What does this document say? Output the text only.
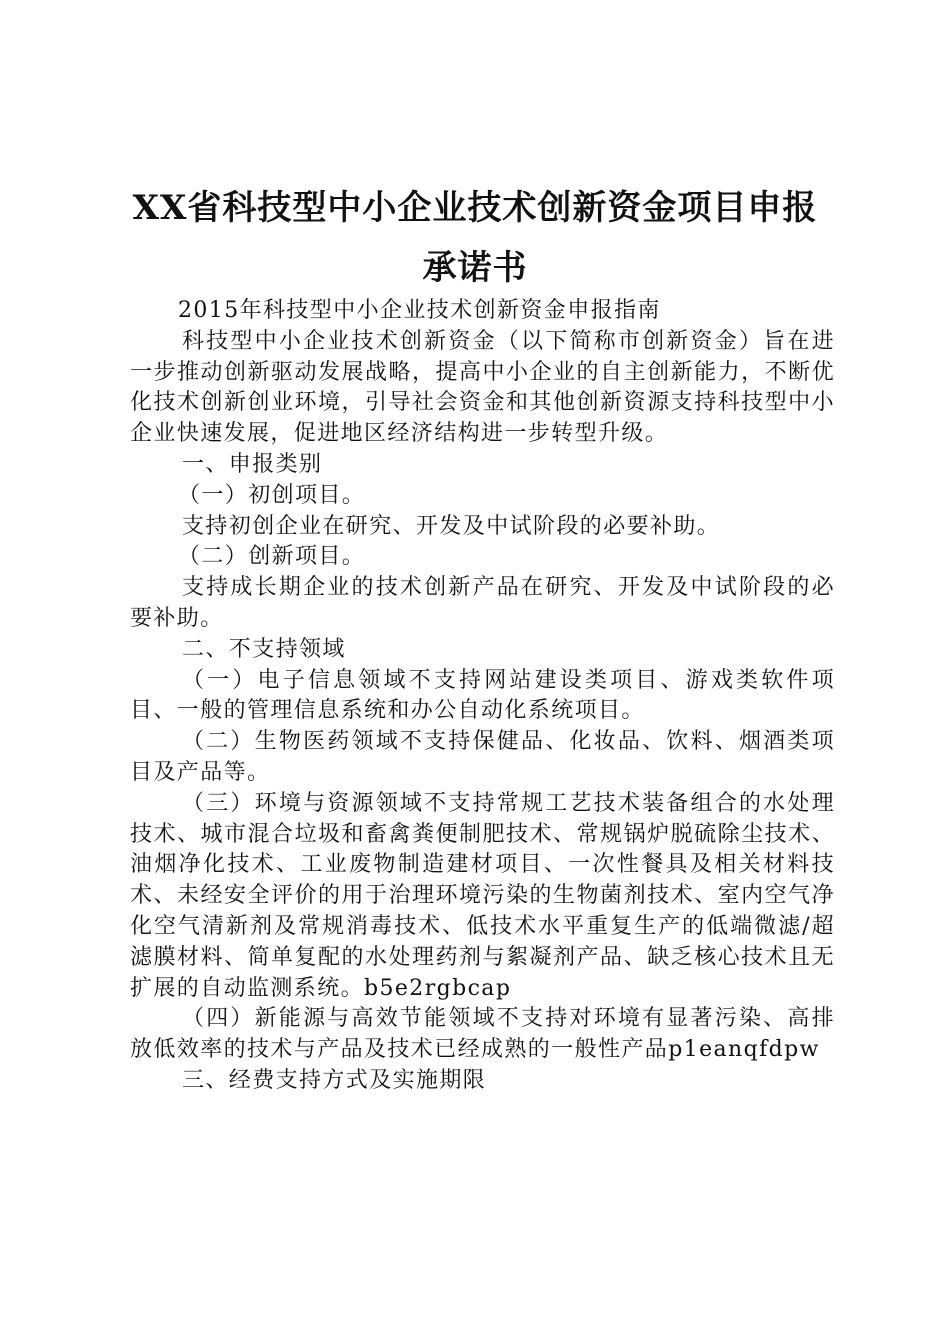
XX省科技型中小企业技术创新资金项目申报
承诺书

2015年科技型中小企业技术创新资金申报指南

科技型中小企业技术创新资金（以下简称市创新资金）旨在进一步推动创新驱动发展战略，提高中小企业的自主创新能力，不断优化技术创新创业环境，引导社会资金和其他创新资源支持科技型中小企业快速发展，促进地区经济结构进一步转型升级。

一、申报类别

（一）初创项目。

支持初创企业在研究、开发及中试阶段的必要补助。

（二）创新项目。

支持成长期企业的技术创新产品在研究、开发及中试阶段的必要补助。

二、不支持领域

（一）电子信息领域不支持网站建设类项目、游戏类软件项目、一般的管理信息系统和办公自动化系统项目。

（二）生物医药领域不支持保健品、化妆品、饮料、烟酒类项目及产品等。

（三）环境与资源领域不支持常规工艺技术装备组合的水处理技术、城市混合垃圾和畜禽粪便制肥技术、常规锅炉脱硫除尘技术、油烟净化技术、工业废物制造建材项目、一次性餐具及相关材料技术、未经安全评价的用于治理环境污染的生物菌剂技术、室内空气净化空气清新剂及常规消毒技术、低技术水平重复生产的低端微滤/超滤膜材料、简单复配的水处理药剂与絮凝剂产品、缺乏核心技术且无扩展的自动监测系统。b5e2rgbcap

（四）新能源与高效节能领域不支持对环境有显著污染、高排放低效率的技术与产品及技术已经成熟的一般性产品p1eanqfdpw

三、经费支持方式及实施期限
